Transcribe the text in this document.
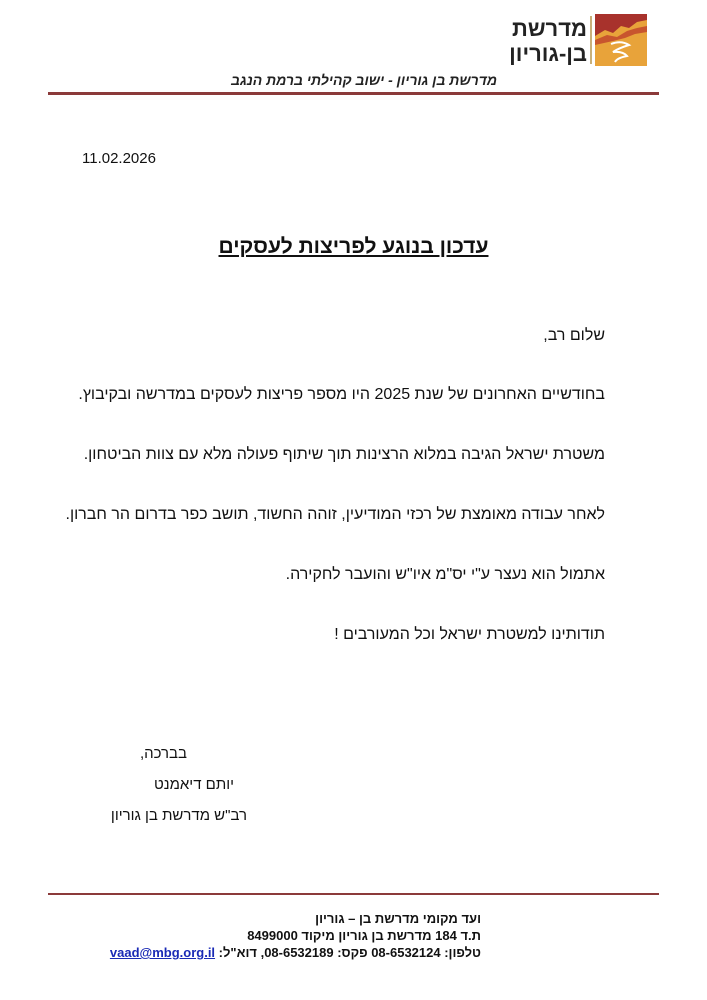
מדרשת
בן-גוריון
מדרשת בן גוריון - ישוב קהילתי ברמת הנגב
11.02.2026
עדכון בנוגע לפריצות לעסקים
שלום רב,
בחודשיים האחרונים של שנת 2025 היו מספר פריצות לעסקים במדרשה ובקיבוץ.
משטרת ישראל הגיבה במלוא הרצינות תוך שיתוף פעולה מלא עם צוות הביטחון.
לאחר עבודה מאומצת של רכזי המודיעין, זוהה החשוד, תושב כפר בדרום הר חברון.
אתמול הוא נעצר ע"י יס"מ איו"ש והועבר לחקירה.
תודותינו למשטרת ישראל וכל המעורבים !
בברכה,
יותם דיאמנט
רב"ש מדרשת בן גוריון
ועד מקומי מדרשת בן – גוריון
ת.ד 184 מדרשת בן גוריון מיקוד 8499000
טלפון: 08-6532124 פקס: 08-6532189, דוא"ל: vaad@mbg.org.il
